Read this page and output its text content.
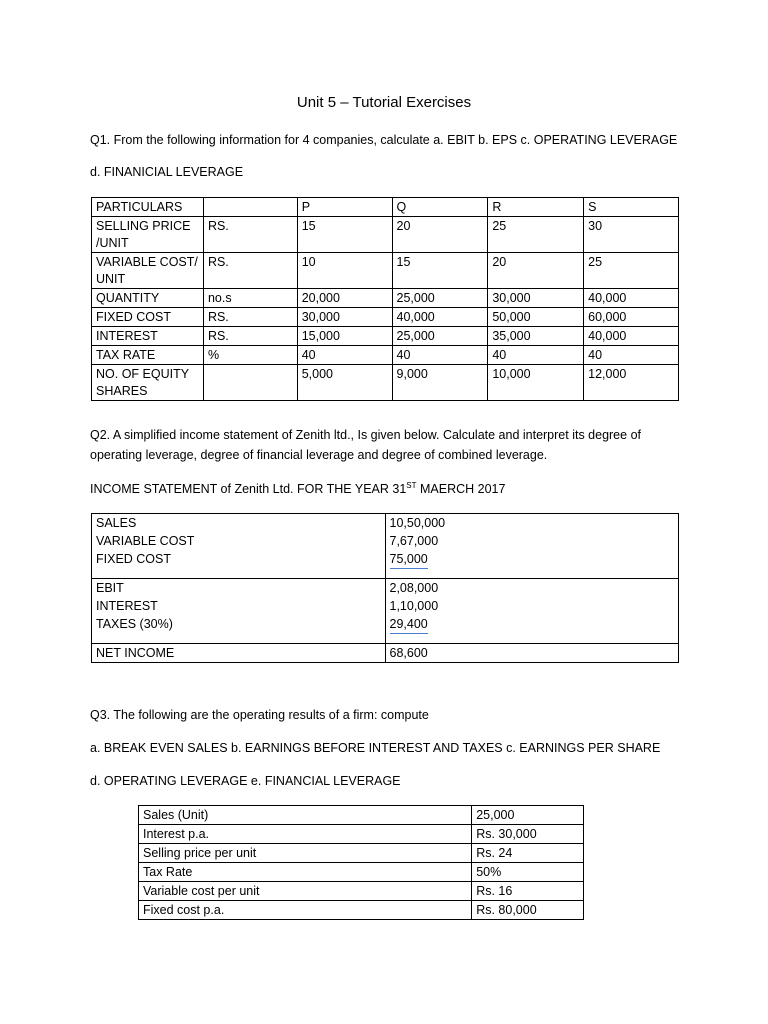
Unit 5 – Tutorial Exercises
Q1. From the following information for 4 companies, calculate a. EBIT b. EPS c. OPERATING LEVERAGE
d. FINANICIAL LEVERAGE
PARTICULARS		P	Q	R	S
SELLING PRICE /UNIT	RS.	15	20	25	30
VARIABLE COST/ UNIT	RS.	10	15	20	25
QUANTITY	no.s	20,000	25,000	30,000	40,000
FIXED COST	RS.	30,000	40,000	50,000	60,000
INTEREST	RS.	15,000	25,000	35,000	40,000
TAX RATE	%	40	40	40	40
NO. OF EQUITY SHARES		5,000	9,000	10,000	12,000
Q2. A simplified income statement of Zenith ltd., Is given below. Calculate and interpret its degree of
operating leverage, degree of financial leverage and degree of combined leverage.
INCOME STATEMENT of Zenith Ltd. FOR THE YEAR 31ST MAERCH 2017
SALES	10,50,000
VARIABLE COST	7,67,000
FIXED COST	75,000
EBIT	2,08,000
INTEREST	1,10,000
TAXES (30%)	29,400
NET INCOME	68,600
Q3. The following are the operating results of a firm: compute
a. BREAK EVEN SALES b. EARNINGS BEFORE INTEREST AND TAXES c. EARNINGS PER SHARE
d. OPERATING LEVERAGE e. FINANCIAL LEVERAGE
Sales (Unit)	25,000
Interest p.a.	Rs. 30,000
Selling price per unit	Rs. 24
Tax Rate	50%
Variable cost per unit	Rs. 16
Fixed cost p.a.	Rs. 80,000
